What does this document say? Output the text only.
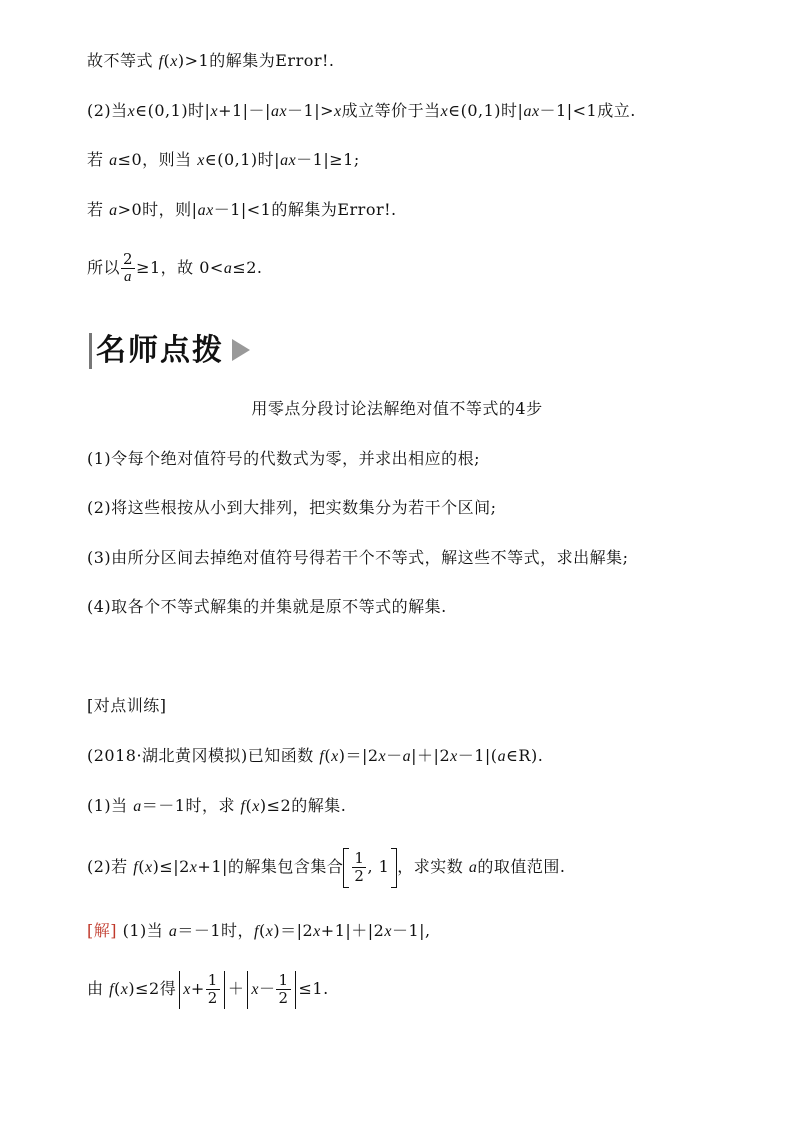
故不等式 f(x)>1的解集为Error!.
(2)当x∈(0,1)时|x+1|－|ax－1|>x成立等价于当x∈(0,1)时|ax－1|<1成立.
若 a≤0，则当 x∈(0,1)时|ax－1|≥1;
若 a>0时，则|ax－1|<1的解集为Error!.
所以 $\frac{2}{a} \ge 1$，故 0<a≤2.
名师点拨
用零点分段讨论法解绝对值不等式的4步
(1)令每个绝对值符号的代数式为零，并求出相应的根;
(2)将这些根按从小到大排列，把实数集分为若干个区间;
(3)由所分区间去掉绝对值符号得若干个不等式，解这些不等式，求出解集;
(4)取各个不等式解集的并集就是原不等式的解集.
[对点训练]
(2018·湖北黄冈模拟)已知函数 f(x)＝|2x－a|＋|2x－1|(a∈R).
(1)当 a＝－1时，求 f(x)≤2的解集.
(2)若 f(x)≤|2x+1|的解集包含集合 $\frac{1}{2}$ , 1 ，求实数 a的取值范围.
[解] (1)当 a＝－1时，f(x)＝|2x+1|＋|2x－1|,
由 f(x)≤2得 $x+ \frac{1}{2} + x- \frac{1}{2} \le 1$.
